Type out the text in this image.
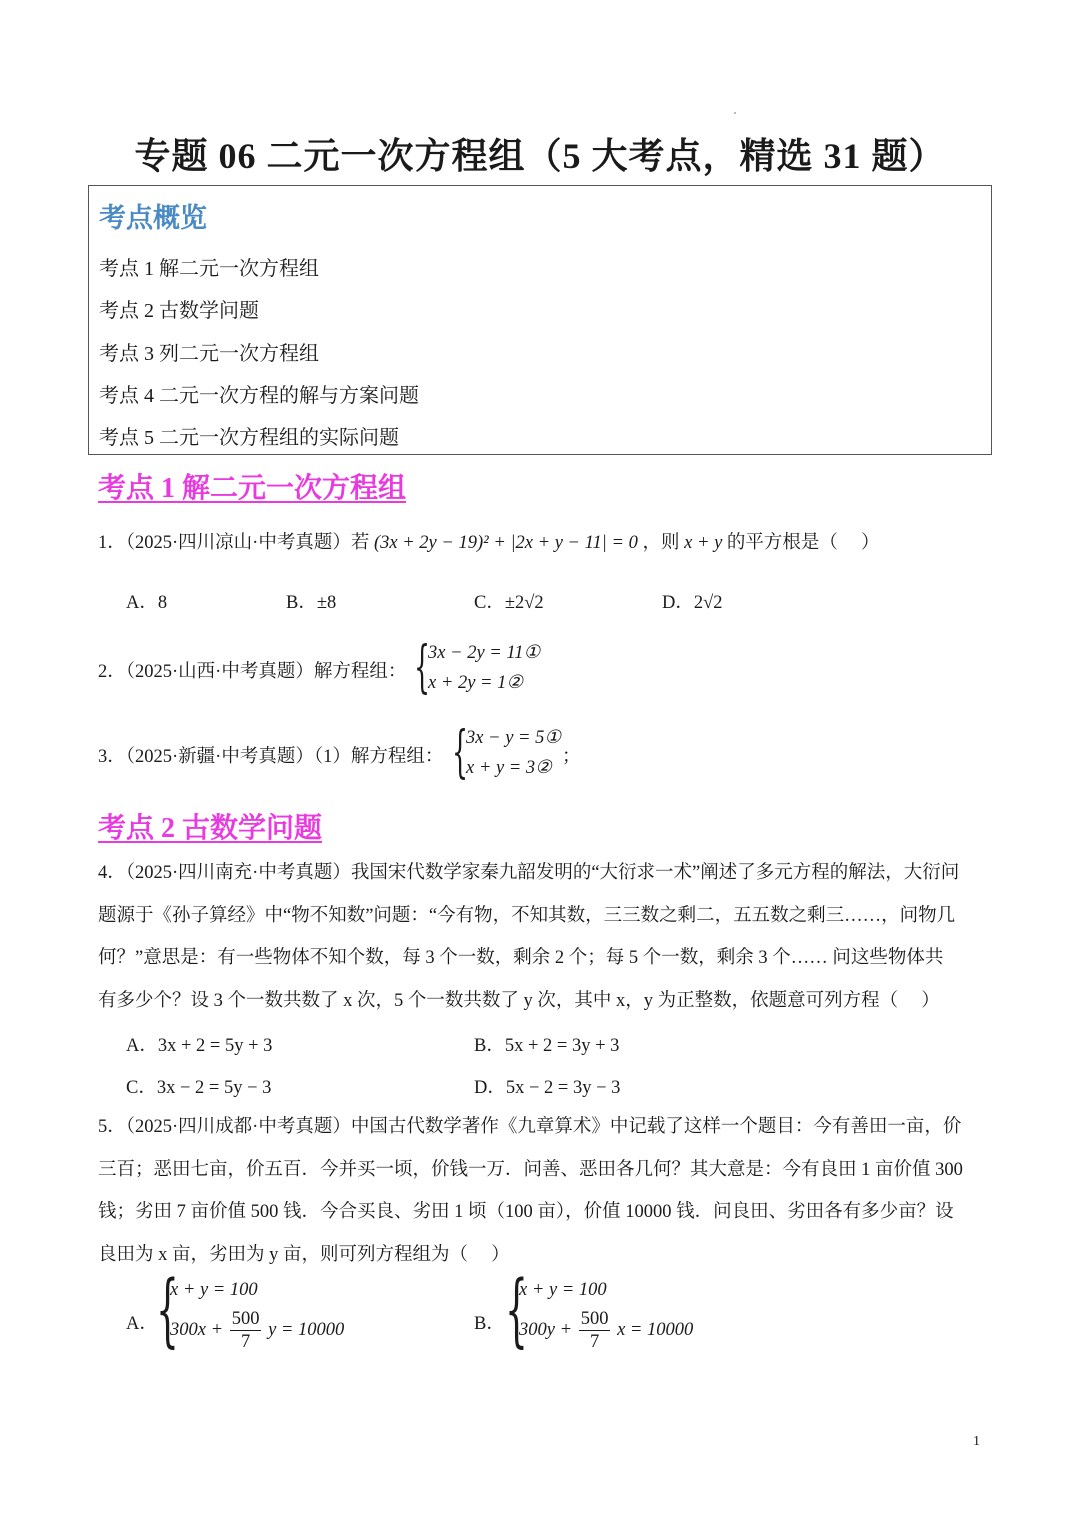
专题 06 二元一次方程组（5 大考点，精选 31 题）
考点概览
考点 1 解二元一次方程组
考点 2 古数学问题
考点 3 列二元一次方程组
考点 4 二元一次方程的解与方案问题
考点 5 二元一次方程组的实际问题
考点 1 解二元一次方程组
1．（2025·四川凉山·中考真题）若 (3x + 2y − 19)² + |2x + y − 11| = 0 ，则 x + y 的平方根是（　 ）
A．8	B．±8	C．±2√2	D．2√2
2．（2025·山西·中考真题）解方程组： {
3x − 2y = 11①
x + 2y = 1②
3．（2025·新疆·中考真题）（1）解方程组： {
3x − y = 5①
x + y = 3②
；
考点 2 古数学问题
4．（2025·四川南充·中考真题）我国宋代数学家秦九韶发明的“大衍求一术”阐述了多元方程的解法，大衍问
题源于《孙子算经》中“物不知数”问题：“今有物，不知其数，三三数之剩二，五五数之剩三……，问物几
何？”意思是：有一些物体不知个数，每 3 个一数，剩余 2 个；每 5 个一数，剩余 3 个…… 问这些物体共
有多少个？设 3 个一数共数了 x 次，5 个一数共数了 y 次，其中 x，y 为正整数，依题意可列方程（　 ）
A．3x + 2 = 5y + 3	B．5x + 2 = 3y + 3
C．3x − 2 = 5y − 3	D．5x − 2 = 3y − 3
5．（2025·四川成都·中考真题）中国古代数学著作《九章算术》中记载了这样一个题目：今有善田一亩，价
三百；恶田七亩，价五百．今并买一顷，价钱一万．问善、恶田各几何？其大意是：今有良田 1 亩价值 300
钱；劣田 7 亩价值 500 钱．今合买良、劣田 1 顷（100 亩），价值 10000 钱．问良田、劣田各有多少亩？设
良田为 x 亩，劣田为 y 亩，则可列方程组为（　 ）
A．
{
x + y = 100
$300x + \frac{500}{7}$ y = 10000	B． {
x + y = 100
$300y + \frac{500}{7}$ x = 10000
1
